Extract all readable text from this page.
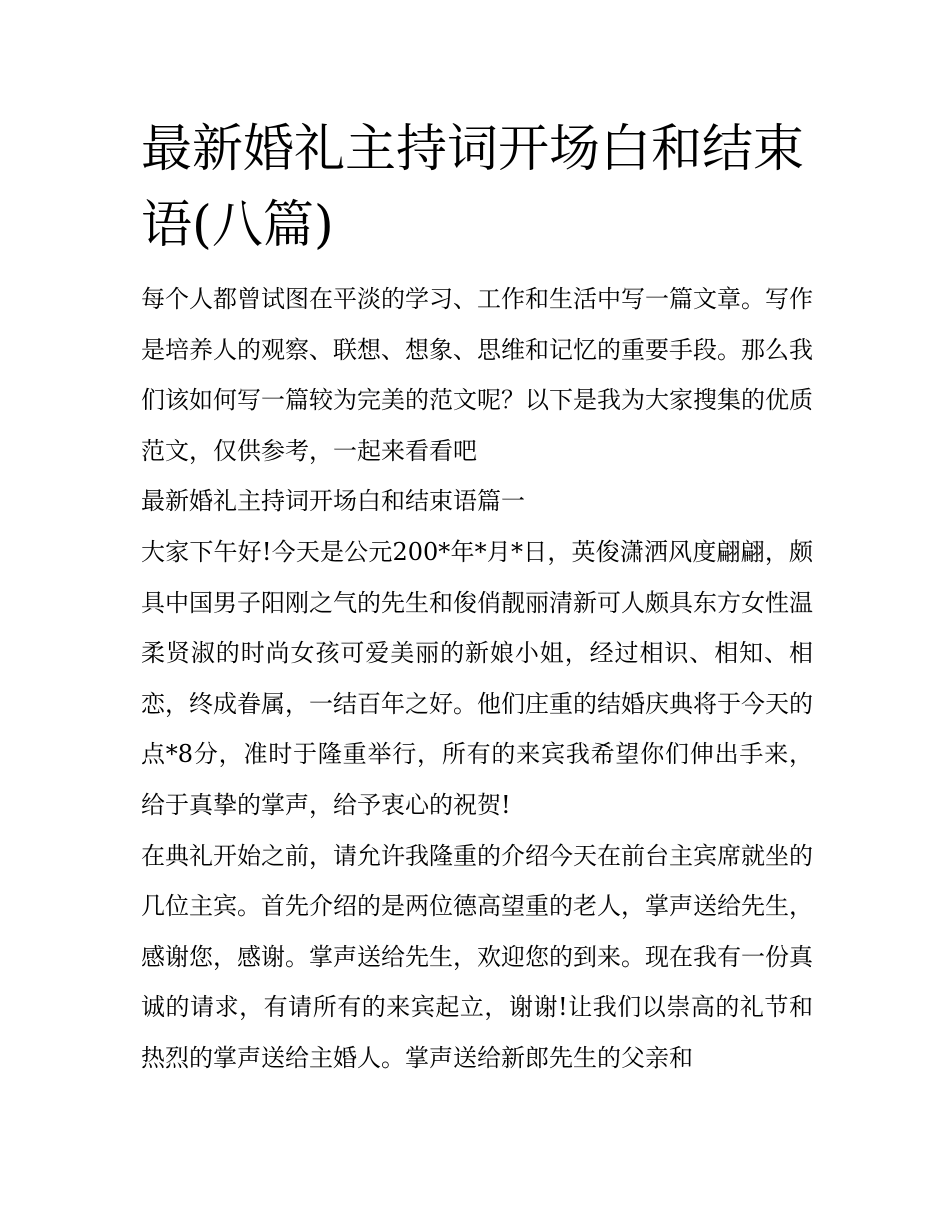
最新婚礼主持词开场白和结束语(八篇)

每个人都曾试图在平淡的学习、工作和生活中写一篇文章。写作是培养人的观察、联想、想象、思维和记忆的重要手段。那么我们该如何写一篇较为完美的范文呢？以下是我为大家搜集的优质范文，仅供参考，一起来看看吧

最新婚礼主持词开场白和结束语篇一

大家下午好!今天是公元200*年*月*日，英俊潇洒风度翩翩，颇具中国男子阳刚之气的先生和俊俏靓丽清新可人颇具东方女性温柔贤淑的时尚女孩可爱美丽的新娘小姐，经过相识、相知、相恋，终成眷属，一结百年之好。他们庄重的结婚庆典将于今天的点*8分，准时于隆重举行，所有的来宾我希望你们伸出手来，给于真挚的掌声，给予衷心的祝贺!

在典礼开始之前，请允许我隆重的介绍今天在前台主宾席就坐的几位主宾。首先介绍的是两位德高望重的老人，掌声送给先生，感谢您，感谢。掌声送给先生，欢迎您的到来。现在我有一份真诚的请求，有请所有的来宾起立，谢谢!让我们以崇高的礼节和热烈的掌声送给主婚人。掌声送给新郎先生的父亲和
